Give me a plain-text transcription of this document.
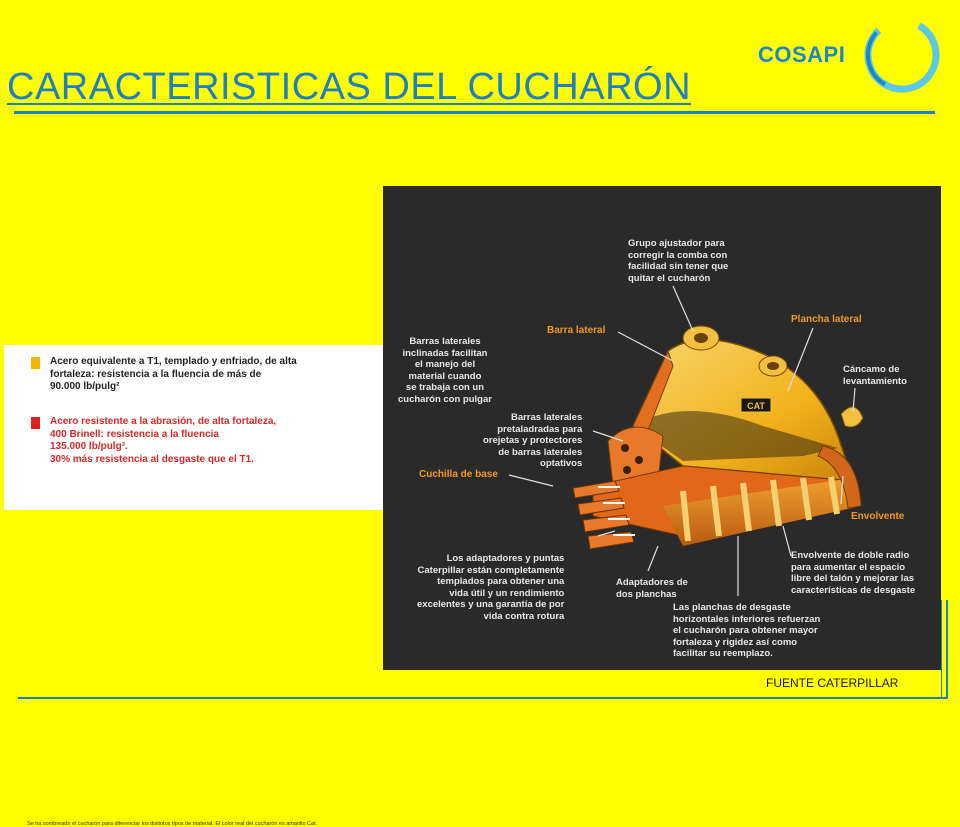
CARACTERISTICAS DEL CUCHARÓN
COSAPI
Acero equivalente a T1, templado y enfriado, de alta
fortaleza: resistencia a la fluencia de más de
90.000 lb/pulg²
Acero resistente a la abrasión, de alta fortaleza,
400 Brinell: resistencia a la fluencia
135.000 lb/pulg².
30% más resistencia al desgaste que el T1.
Se ha sombreado el cucharón para diferenciar los distintos tipos de material. El color real del cucharón es amarillo Cat.
CAT
Grupo ajustador para
corregir la comba con
facilidad sin tener que
quitar el cucharón
Barra lateral
Plancha lateral
Barras laterales
inclinadas facilitan
el manejo del
material cuando
se trabaja con un
cucharón con pulgar
Cáncamo de
levantamiento
Barras laterales
pretaladradas para
orejetas y protectores
de barras laterales
optativos
Cuchilla de base
Envolvente
Los adaptadores y puntas
Caterpillar están completamente
templados para obtener una
vida útil y un rendimiento
excelentes y una garantía de por
vida contra rotura
Adaptadores de
dos planchas
Envolvente de doble radio
para aumentar el espacio
libre del talón y mejorar las
características de desgaste
Las planchas de desgaste
horizontales inferiores refuerzan
el cucharón para obtener mayor
fortaleza y rigidez así como
facilitar su reemplazo.
FUENTE CATERPILLAR
